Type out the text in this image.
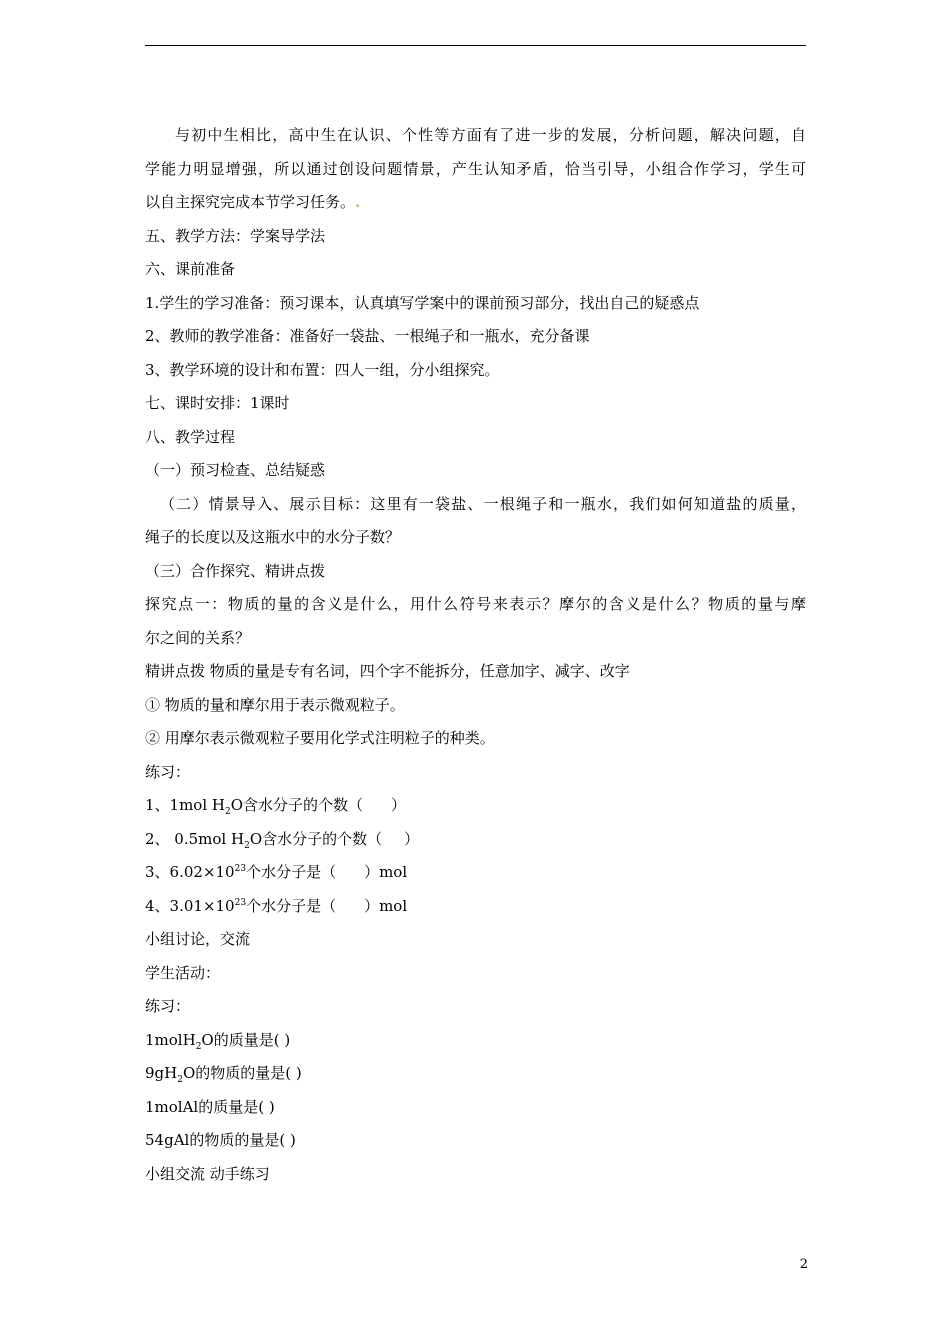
与初中生相比，高中生在认识、个性等方面有了进一步的发展，分析问题，解决问题，自
学能力明显增强，所以通过创设问题情景，产生认知矛盾，恰当引导，小组合作学习，学生可
以自主探究完成本节学习任务。.
五、教学方法：学案导学法
六、课前准备
1.学生的学习准备：预习课本，认真填写学案中的课前预习部分，找出自己的疑惑点
2、教师的教学准备：准备好一袋盐、一根绳子和一瓶水，充分备课
3、教学环境的设计和布置：四人一组，分小组探究。
七、课时安排：1课时
八、教学过程
（一）预习检查、总结疑惑
（二）情景导入、展示目标：这里有一袋盐、一根绳子和一瓶水，我们如何知道盐的质量，
绳子的长度以及这瓶水中的水分子数？
（三）合作探究、精讲点拨
探究点一：物质的量的含义是什么，用什么符号来表示？摩尔的含义是什么？物质的量与摩
尔之间的关系？
精讲点拨 物质的量是专有名词，四个字不能拆分，任意加字、减字、改字
① 物质的量和摩尔用于表示微观粒子。
② 用摩尔表示微观粒子要用化学式注明粒子的种类。
练习：
1、1mol $H_2O$含水分子的个数（ ）
2、 0.5mol $H_2O$含水分子的个数（ ）
3、$6.02\times 10^{23}$个水分子是（ ）mol
4、$3.01\times 10^{23}$个水分子是（ ）mol
小组讨论，交流
学生活动：
练习：
1molH$_2$O的质量是( )
$9gH_2O$的物质的量是( )
1molAl的质量是( )
54gAl的物质的量是( )
小组交流 动手练习
2
